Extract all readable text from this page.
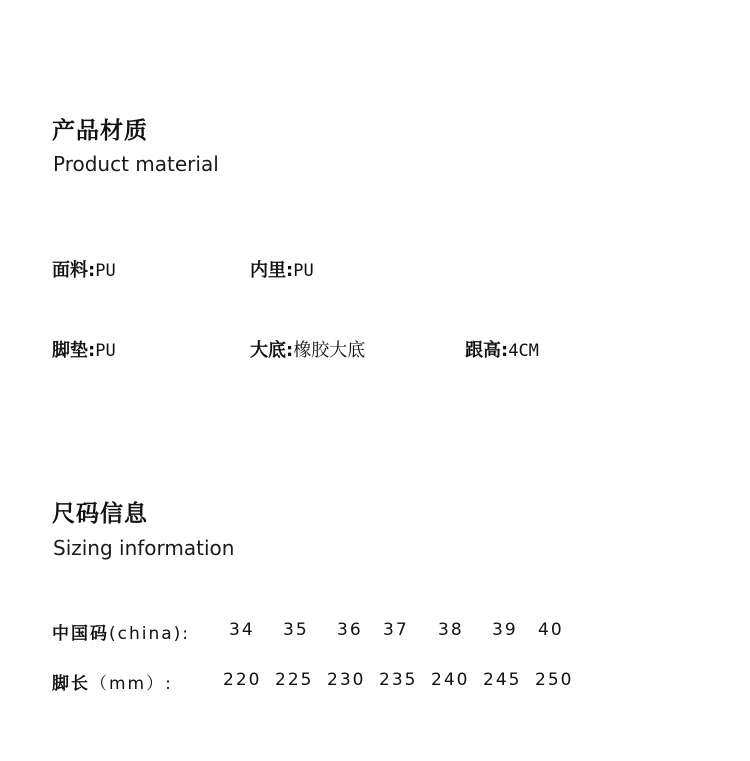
产品材质
Product material
面料:PU	内里:PU
脚垫:PU	大底:橡胶大底	跟高:4CM
尺码信息
Sizing information
中国码(china): 34 35 36 37 38 39 40
脚长（mm）:	220 225 230 235 240 245 250
